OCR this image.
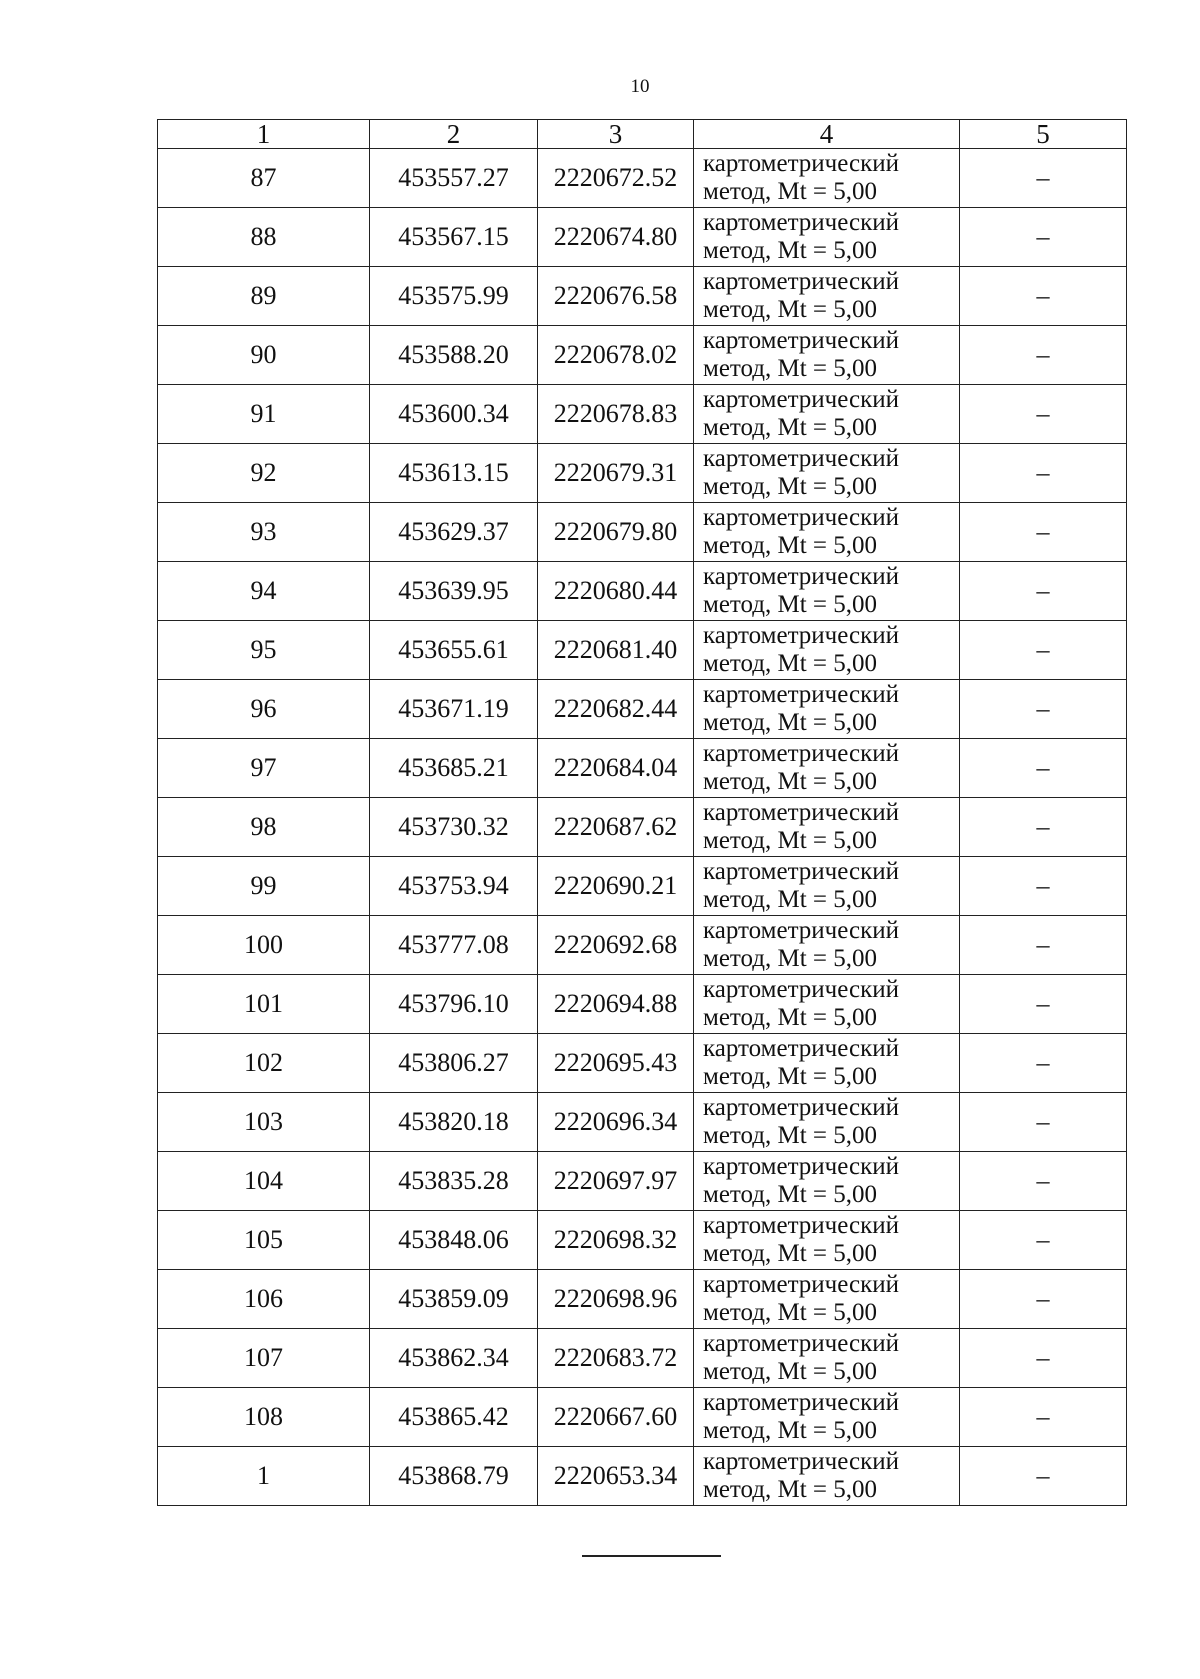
10
1	2	3	4	5
87	453557.27	2220672.52	картометрический
метод, Mt = 5,00	–
88	453567.15	2220674.80	картометрический
метод, Mt = 5,00	–
89	453575.99	2220676.58	картометрический
метод, Mt = 5,00	–
90	453588.20	2220678.02	картометрический
метод, Mt = 5,00	–
91	453600.34	2220678.83	картометрический
метод, Mt = 5,00	–
92	453613.15	2220679.31	картометрический
метод, Mt = 5,00	–
93	453629.37	2220679.80	картометрический
метод, Mt = 5,00	–
94	453639.95	2220680.44	картометрический
метод, Mt = 5,00	–
95	453655.61	2220681.40	картометрический
метод, Mt = 5,00	–
96	453671.19	2220682.44	картометрический
метод, Mt = 5,00	–
97	453685.21	2220684.04	картометрический
метод, Mt = 5,00	–
98	453730.32	2220687.62	картометрический
метод, Mt = 5,00	–
99	453753.94	2220690.21	картометрический
метод, Mt = 5,00	–
100	453777.08	2220692.68	картометрический
метод, Mt = 5,00	–
101	453796.10	2220694.88	картометрический
метод, Mt = 5,00	–
102	453806.27	2220695.43	картометрический
метод, Mt = 5,00	–
103	453820.18	2220696.34	картометрический
метод, Mt = 5,00	–
104	453835.28	2220697.97	картометрический
метод, Mt = 5,00	–
105	453848.06	2220698.32	картометрический
метод, Mt = 5,00	–
106	453859.09	2220698.96	картометрический
метод, Mt = 5,00	–
107	453862.34	2220683.72	картометрический
метод, Mt = 5,00	–
108	453865.42	2220667.60	картометрический
метод, Mt = 5,00	–
1	453868.79	2220653.34	картометрический
метод, Mt = 5,00	–
